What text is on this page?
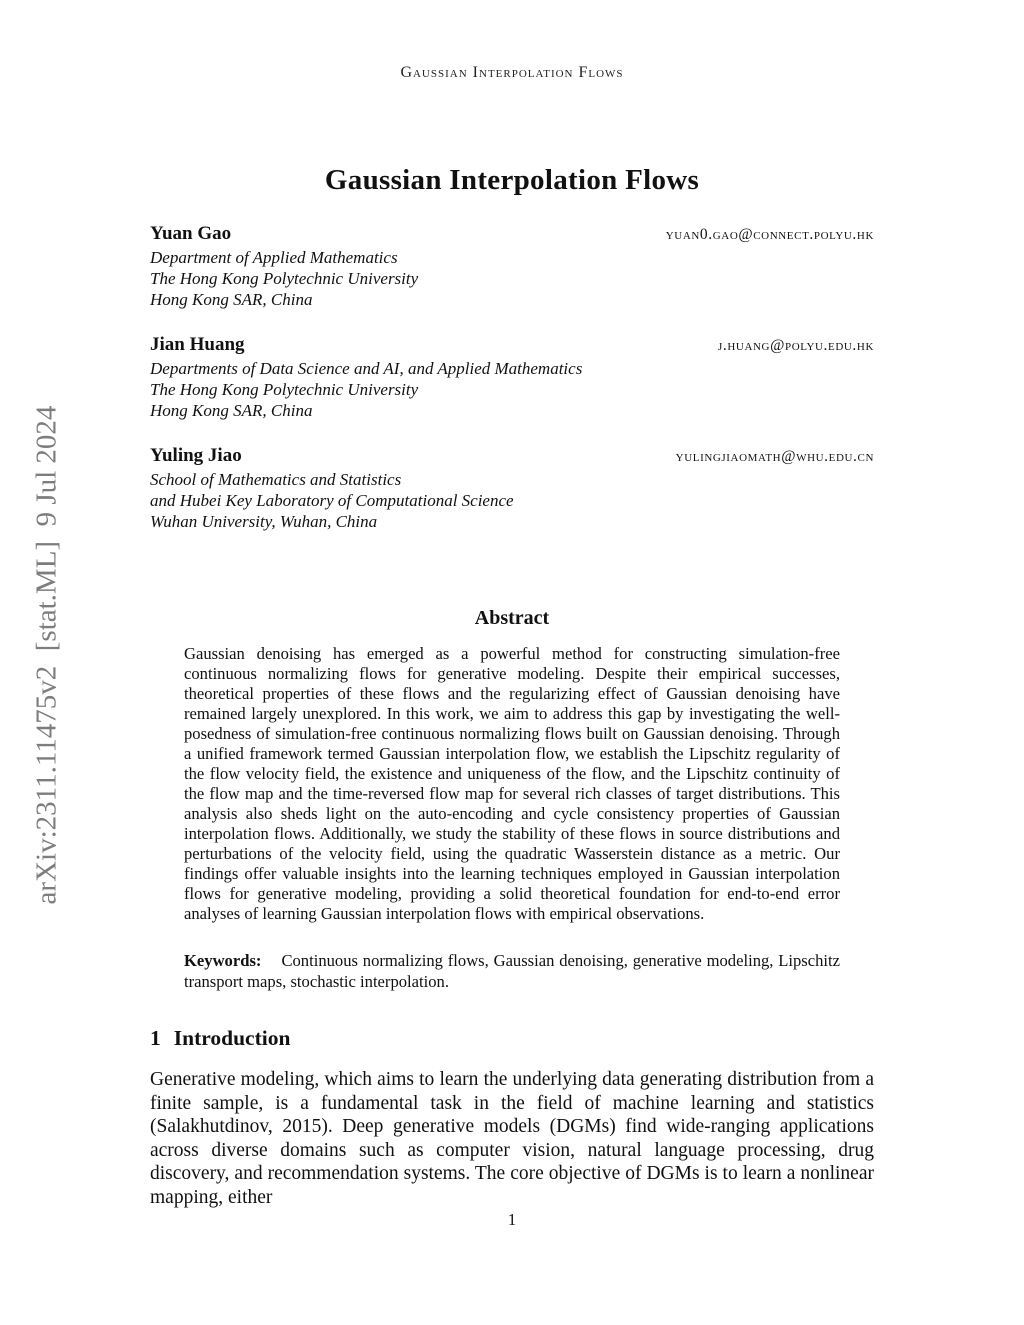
Gaussian Interpolation Flows
arXiv:2311.11475v2  [stat.ML]  9 Jul 2024
Gaussian Interpolation Flows
Yuan Gao	yuan0.gao@connect.polyu.hk
Department of Applied Mathematics
The Hong Kong Polytechnic University
Hong Kong SAR, China
Jian Huang	j.huang@polyu.edu.hk
Departments of Data Science and AI, and Applied Mathematics
The Hong Kong Polytechnic University
Hong Kong SAR, China
Yuling Jiao	yulingjiaomath@whu.edu.cn
School of Mathematics and Statistics
and Hubei Key Laboratory of Computational Science
Wuhan University, Wuhan, China
Abstract
Gaussian denoising has emerged as a powerful method for constructing simulation-free continuous normalizing flows for generative modeling. Despite their empirical successes, theoretical properties of these flows and the regularizing effect of Gaussian denoising have remained largely unexplored. In this work, we aim to address this gap by investigating the well-posedness of simulation-free continuous normalizing flows built on Gaussian denoising. Through a unified framework termed Gaussian interpolation flow, we establish the Lipschitz regularity of the flow velocity field, the existence and uniqueness of the flow, and the Lipschitz continuity of the flow map and the time-reversed flow map for several rich classes of target distributions. This analysis also sheds light on the auto-encoding and cycle consistency properties of Gaussian interpolation flows. Additionally, we study the stability of these flows in source distributions and perturbations of the velocity field, using the quadratic Wasserstein distance as a metric. Our findings offer valuable insights into the learning techniques employed in Gaussian interpolation flows for generative modeling, providing a solid theoretical foundation for end-to-end error analyses of learning Gaussian interpolation flows with empirical observations.
Keywords: Continuous normalizing flows, Gaussian denoising, generative modeling, Lipschitz transport maps, stochastic interpolation.
1 Introduction
Generative modeling, which aims to learn the underlying data generating distribution from a finite sample, is a fundamental task in the field of machine learning and statistics (Salakhutdinov, 2015). Deep generative models (DGMs) find wide-ranging applications across diverse domains such as computer vision, natural language processing, drug discovery, and recommendation systems. The core objective of DGMs is to learn a nonlinear mapping, either
1
